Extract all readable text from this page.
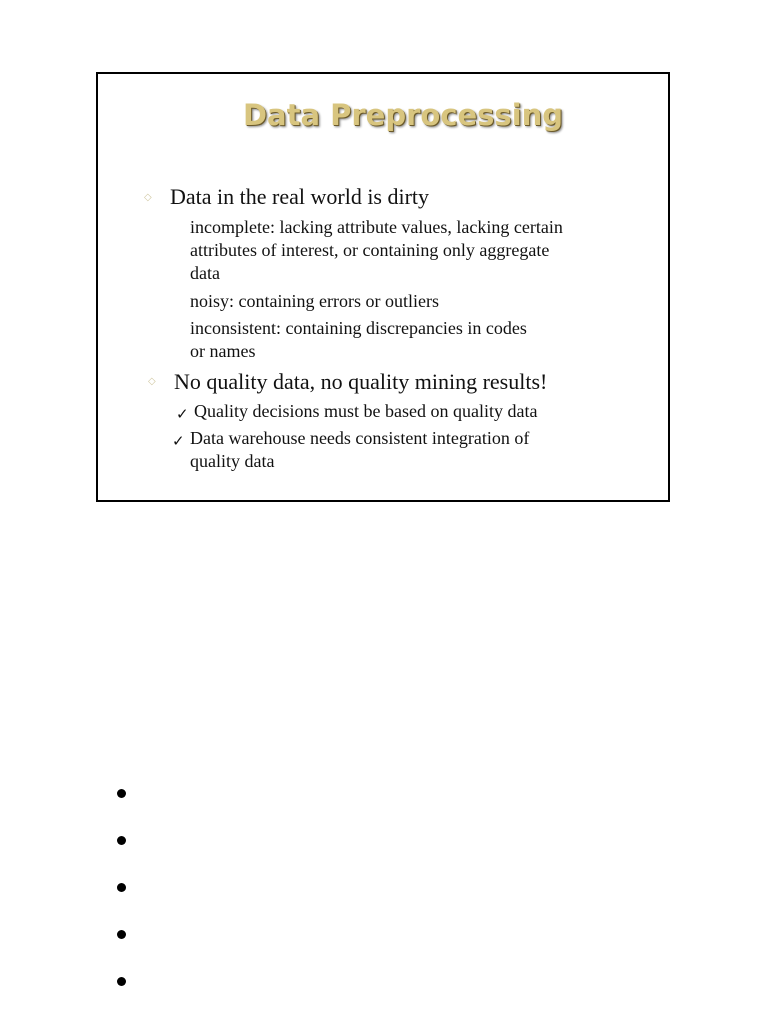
Data Preprocessing
◇ Data in the real world is dirty
incomplete: lacking attribute values, lacking certain
attributes of interest, or containing only aggregate
data
noisy: containing errors or outliers
inconsistent: containing discrepancies in codes
or names
◇ No quality data, no quality mining results!
✓ Quality decisions must be based on quality data
✓ Data warehouse needs consistent integration of
quality data
